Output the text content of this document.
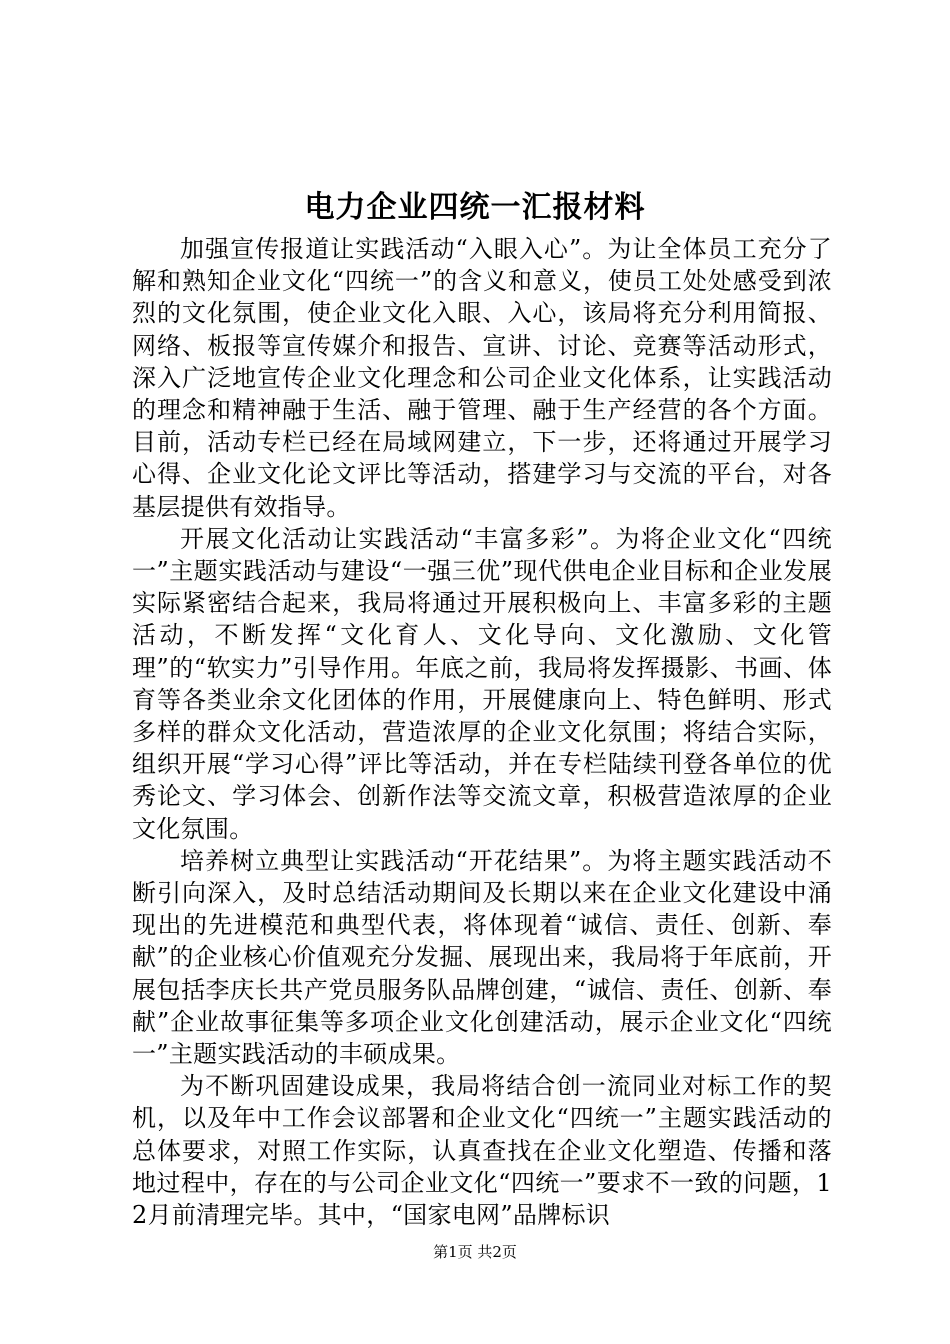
电力企业四统一汇报材料

加强宣传报道让实践活动“入眼入心”。为让全体员工充分了解和熟知企业文化“四统一”的含义和意义，使员工处处感受到浓烈的文化氛围，使企业文化入眼、入心，该局将充分利用简报、网络、板报等宣传媒介和报告、宣讲、讨论、竞赛等活动形式，深入广泛地宣传企业文化理念和公司企业文化体系，让实践活动的理念和精神融于生活、融于管理、融于生产经营的各个方面。目前，活动专栏已经在局域网建立，下一步，还将通过开展学习心得、企业文化论文评比等活动，搭建学习与交流的平台，对各基层提供有效指导。

开展文化活动让实践活动“丰富多彩”。为将企业文化“四统一”主题实践活动与建设“一强三优”现代供电企业目标和企业发展实际紧密结合起来，我局将通过开展积极向上、丰富多彩的主题活动，不断发挥“文化育人、文化导向、文化激励、文化管理”的“软实力”引导作用。年底之前，我局将发挥摄影、书画、体育等各类业余文化团体的作用，开展健康向上、特色鲜明、形式多样的群众文化活动，营造浓厚的企业文化氛围；将结合实际，组织开展“学习心得”评比等活动，并在专栏陆续刊登各单位的优秀论文、学习体会、创新作法等交流文章，积极营造浓厚的企业文化氛围。

培养树立典型让实践活动“开花结果”。为将主题实践活动不断引向深入，及时总结活动期间及长期以来在企业文化建设中涌现出的先进模范和典型代表，将体现着“诚信、责任、创新、奉献”的企业核心价值观充分发掘、展现出来，我局将于年底前，开展包括李庆长共产党员服务队品牌创建，“诚信、责任、创新、奉献”企业故事征集等多项企业文化创建活动，展示企业文化“四统一”主题实践活动的丰硕成果。

为不断巩固建设成果，我局将结合创一流同业对标工作的契机，以及年中工作会议部署和企业文化“四统一”主题实践活动的总体要求，对照工作实际，认真查找在企业文化塑造、传播和落地过程中，存在的与公司企业文化“四统一”要求不一致的问题，12月前清理完毕。其中，“国家电网”品牌标识

第1页 共2页
